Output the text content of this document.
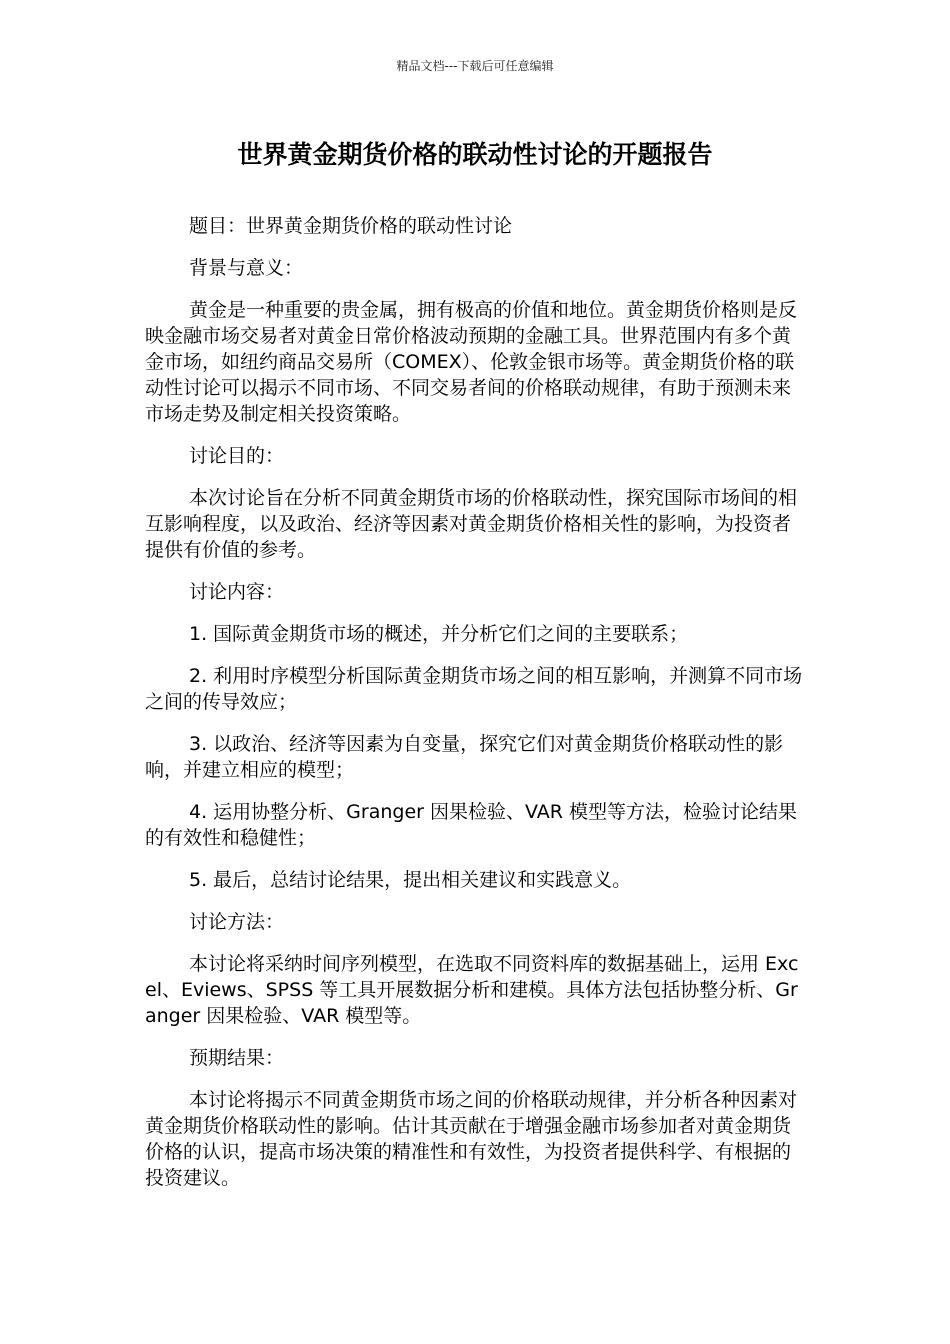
精品文档---下载后可任意编辑
世界黄金期货价格的联动性讨论的开题报告

题目：世界黄金期货价格的联动性讨论

背景与意义：

黄金是一种重要的贵金属，拥有极高的价值和地位。黄金期货价格则是反映金融市场交易者对黄金日常价格波动预期的金融工具。世界范围内有多个黄金市场，如纽约商品交易所（COMEX）、伦敦金银市场等。黄金期货价格的联动性讨论可以揭示不同市场、不同交易者间的价格联动规律，有助于预测未来市场走势及制定相关投资策略。

讨论目的：

本次讨论旨在分析不同黄金期货市场的价格联动性，探究国际市场间的相互影响程度，以及政治、经济等因素对黄金期货价格相关性的影响，为投资者提供有价值的参考。

讨论内容：

1. 国际黄金期货市场的概述，并分析它们之间的主要联系；

2. 利用时序模型分析国际黄金期货市场之间的相互影响，并测算不同市场之间的传导效应；

3. 以政治、经济等因素为自变量，探究它们对黄金期货价格联动性的影响，并建立相应的模型；

4. 运用协整分析、Granger 因果检验、VAR 模型等方法，检验讨论结果的有效性和稳健性；

5. 最后，总结讨论结果，提出相关建议和实践意义。

讨论方法：

本讨论将采纳时间序列模型，在选取不同资料库的数据基础上，运用 Excel、Eviews、SPSS 等工具开展数据分析和建模。具体方法包括协整分析、Granger 因果检验、VAR 模型等。

预期结果：

本讨论将揭示不同黄金期货市场之间的价格联动规律，并分析各种因素对黄金期货价格联动性的影响。估计其贡献在于增强金融市场参加者对黄金期货价格的认识，提高市场决策的精准性和有效性，为投资者提供科学、有根据的投资建议。
